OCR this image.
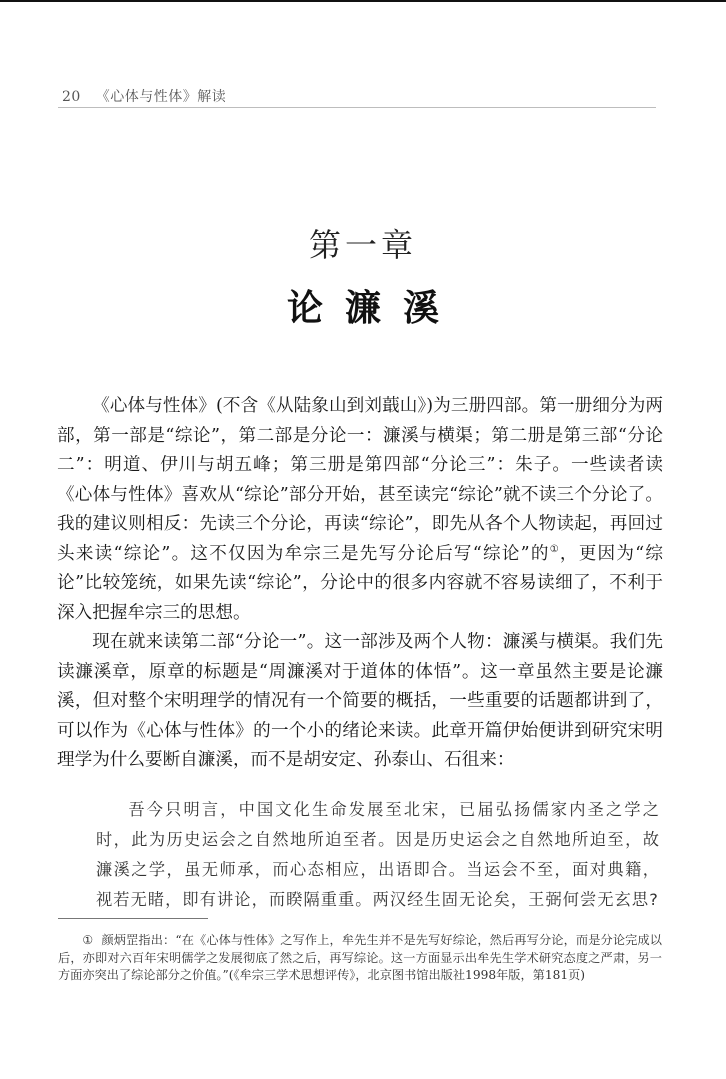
20 《心体与性体》解读
第一章
论濂溪

《心体与性体》(不含《从陆象山到刘蕺山》)为三册四部。第一册细分为两部，第一部是“综论”，第二部是分论一：濂溪与横渠；第二册是第三部“分论二”：明道、伊川与胡五峰；第三册是第四部“分论三”：朱子。一些读者读《心体与性体》喜欢从“综论”部分开始，甚至读完“综论”就不读三个分论了。我的建议则相反：先读三个分论，再读“综论”，即先从各个人物读起，再回过头来读“综论”。这不仅因为牟宗三是先写分论后写“综论”的①，更因为“综论”比较笼统，如果先读“综论”，分论中的很多内容就不容易读细了，不利于深入把握牟宗三的思想。

现在就来读第二部“分论一”。这一部涉及两个人物：濂溪与横渠。我们先读濂溪章，原章的标题是“周濂溪对于道体的体悟”。这一章虽然主要是论濂溪，但对整个宋明理学的情况有一个简要的概括，一些重要的话题都讲到了，可以作为《心体与性体》的一个小的绪论来读。此章开篇伊始便讲到研究宋明理学为什么要断自濂溪，而不是胡安定、孙泰山、石徂来：

吾今只明言，中国文化生命发展至北宋，已届弘扬儒家内圣之学之时，此为历史运会之自然地所迫至者。因是历史运会之自然地所迫至，故濂溪之学，虽无师承，而心态相应，出语即合。当运会不至，面对典籍，视若无睹，即有讲论，而睽隔重重。两汉经生固无论矣，王弼何尝无玄思?

① 颜炳罡指出：“在《心体与性体》之写作上，牟先生并不是先写好综论，然后再写分论，而是分论完成以后，亦即对六百年宋明儒学之发展彻底了然之后，再写综论。这一方面显示出牟先生学术研究态度之严肃，另一方面亦突出了综论部分之价值。”(《牟宗三学术思想评传》，北京图书馆出版社1998年版，第181页)
